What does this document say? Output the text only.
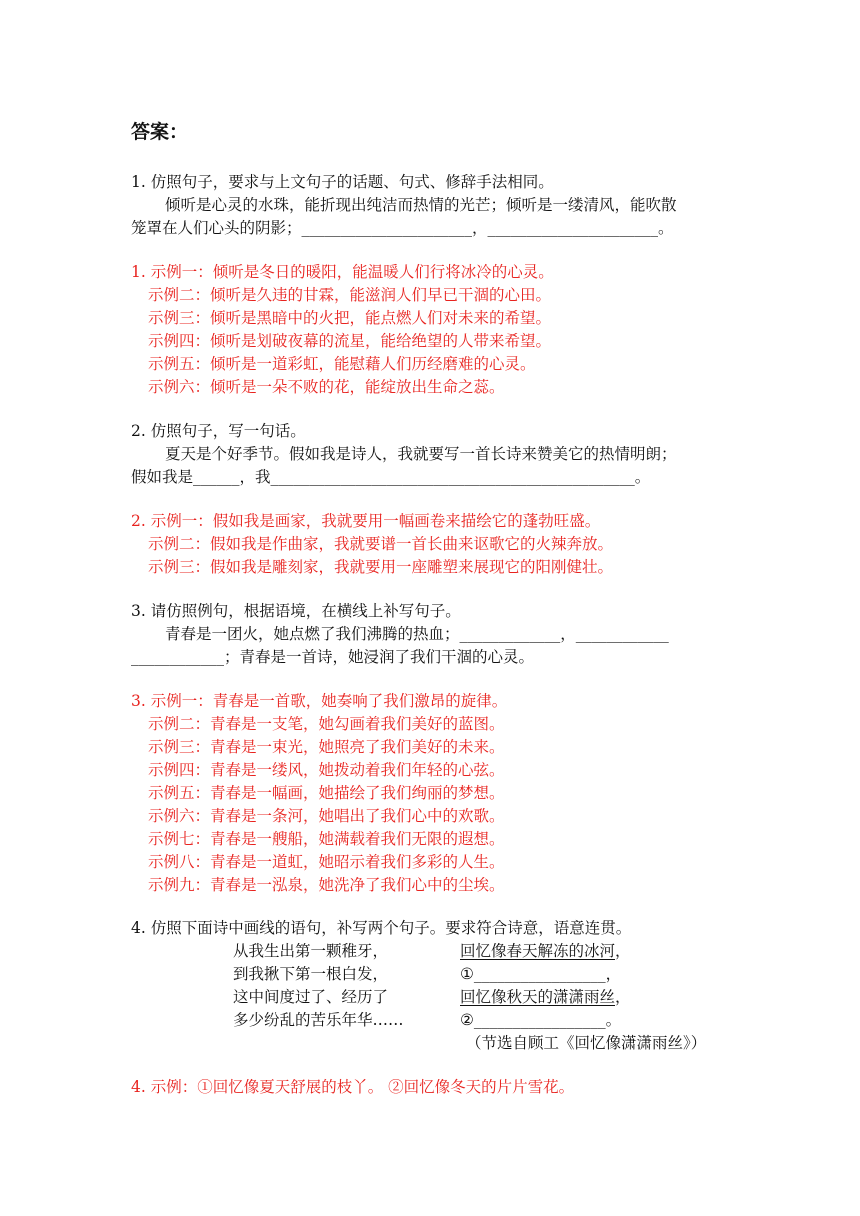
答案：
1. 仿照句子，要求与上文句子的话题、句式、修辞手法相同。
倾听是心灵的水珠，能折现出纯洁而热情的光芒；倾听是一缕清风，能吹散
笼罩在人们心头的阴影；______________________，______________________。
1. 示例一：倾听是冬日的暖阳，能温暖人们行将冰冷的心灵。
示例二：倾听是久违的甘霖，能滋润人们早已干涸的心田。
示例三：倾听是黑暗中的火把，能点燃人们对未来的希望。
示例四：倾听是划破夜幕的流星，能给绝望的人带来希望。
示例五：倾听是一道彩虹，能慰藉人们历经磨难的心灵。
示例六：倾听是一朵不败的花，能绽放出生命之蕊。
2. 仿照句子，写一句话。
夏天是个好季节。假如我是诗人，我就要写一首长诗来赞美它的热情明朗；
假如我是______，我_______________________________________________。
2. 示例一：假如我是画家，我就要用一幅画卷来描绘它的蓬勃旺盛。
示例二：假如我是作曲家，我就要谱一首长曲来讴歌它的火辣奔放。
示例三：假如我是雕刻家，我就要用一座雕塑来展现它的阳刚健壮。
3. 请仿照例句，根据语境，在横线上补写句子。
青春是一团火，她点燃了我们沸腾的热血；_____________，____________
____________；青春是一首诗，她浸润了我们干涸的心灵。
3. 示例一：青春是一首歌，她奏响了我们激昂的旋律。
示例二：青春是一支笔，她勾画着我们美好的蓝图。
示例三：青春是一束光，她照亮了我们美好的未来。
示例四：青春是一缕风，她拨动着我们年轻的心弦。
示例五：青春是一幅画，她描绘了我们绚丽的梦想。
示例六：青春是一条河，她唱出了我们心中的欢歌。
示例七：青春是一艘船，她满载着我们无限的遐想。
示例八：青春是一道虹，她昭示着我们多彩的人生。
示例九：青春是一泓泉，她洗净了我们心中的尘埃。
4. 仿照下面诗中画线的语句，补写两个句子。要求符合诗意，语意连贯。
从我生出第一颗稚牙，
到我揪下第一根白发，
这中间度过了、经历了
多少纷乱的苦乐年华……
回忆像春天解冻的冰河，
①_________________，
回忆像秋天的潇潇雨丝，
②_________________。
（节选自顾工《回忆像潇潇雨丝》）
4. 示例：①回忆像夏天舒展的枝丫。 ②回忆像冬天的片片雪花。
